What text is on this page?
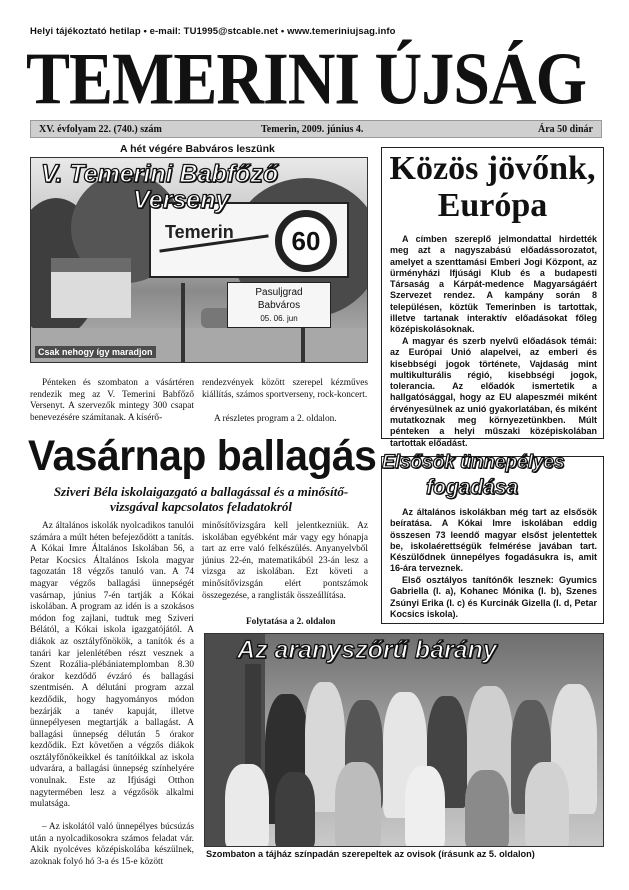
Helyi tájékoztató hetilap • e-mail: TU1995@stcable.net • www.temeriniujsag.info
TEMERINI ÚJSÁG
XV. évfolyam 22. (740.) szám	Temerin, 2009. június 4.	Ára 50 dinár
A hét végére Babváros leszünk
Temerin	60
Pasuljgrad
Babváros
05. 06. jun
V. Temerini Babfőző
Verseny
Csak nehogy így maradjon
Pénteken és szombaton a vásártéren rendezik meg az V. Temerini Babfőző Versenyt. A szervezők mintegy 300 csapat benevezésére számítanak. A kísérő-
rendezvények között szerepel kézműves kiállítás, számos sportverseny, rock-koncert.
A részletes program a 2. oldalon.
Közös jövőnk,
Európa
A címben szereplő jelmondattal hirdették meg azt a nagyszabású előadássorozatot, amelyet a szenttamási Emberi Jogi Központ, az ürményházi Ifjúsági Klub és a budapesti Társaság a Kárpát-medence Magyarságáért Szervezet rendez. A kampány során 8 településen, köztük Temerinben is tartottak, illetve tartanak interaktív előadásokat főleg középiskolásoknak.
A magyar és szerb nyelvű előadások témái: az Európai Unió alapelvei, az emberi és kisebbségi jogok története, Vajdaság mint multikulturális régió, kisebbségi jogok, tolerancia. Az előadók ismertetik a hallgatósággal, hogy az EU alapeszméi miként érvényesülnek az unió gyakorlatában, és miként mutatkoznak meg környezetünkben. Múlt pénteken a helyi műszaki középiskolában tartottak előadást.
Vasárnap ballagás
Sziveri Béla iskolaigazgató a ballagással és a minősítő-vizsgával kapcsolatos feladatokról
Az általános iskolák nyolcadikos tanulói számára a múlt héten befejeződött a tanítás. A Kókai Imre Általános Iskolában 56, a Petar Kocsics Általános Iskola magyar tagozatán 18 végzős tanuló van. A 74 magyar végzős ballagási ünnepségét vasárnap, június 7-én tartják a Kókai iskolában. A program az idén is a szokásos módon fog zajlani, tudtuk meg Sziveri Bélától, a Kókai iskola igazgatójától. A diákok az osztályfőnökök, a tanítók és a tanári kar jelenlétében részt vesznek a Szent Rozália-plébániatemplomban 8.30 órakor kezdődő évzáró és ballagási szentmisén. A délutáni program azzal kezdődik, hogy hagyományos módon bezárják a tanév kapuját, illetve ünnepélyesen megtartják a ballagást. A ballagási ünnepség délután 5 órakor kezdődik. Ezt követően a végzős diákok osztályfőnökeikkel és tanítóikkal az iskola udvarára, a ballagási ünnepség színhelyére vonulnak. Este az Ifjúsági Otthon nagytermében lesz a végzősök alkalmi mulatsága.
– Az iskolától való ünnepélyes búcsúzás után a nyolcadikosokra számos feladat vár. Akik nyolcéves középiskolába készülnek, azoknak folyó hó 3-a és 15-e között
minősítővizsgára kell jelentkezniük. Az iskolában egyébként már vagy egy hónapja tart az erre való felkészülés. Anyanyelvből június 22-én, matematikából 23-án lesz a vizsga az iskolában. Ezt követi a minősítővizsgán elért pontszámok összegezése, a ranglisták összeállítása.
Folytatása a 2. oldalon
Az általános iskolákban még tart az elsősök beíratása. A Kókai Imre iskolában eddig összesen 73 leendő magyar elsőst jelentettek be, iskolaérettségük felmérése javában tart. Készülődnek ünnepélyes fogadásukra is, amit 16-ára terveznek.
Első osztályos tanítónők lesznek: Gyumics Gabriella (I. a), Kohanec Mónika (I. b), Szenes Zsúnyi Erika (I. c) és Kurcinák Gizella (I. d, Petar Kocsics iskola).
Elsősök ünnepélyes
fogadása
Az aranyszőrű bárány
Szombaton a tájház színpadán szerepeltek az ovisok (írásunk az 5. oldalon)
